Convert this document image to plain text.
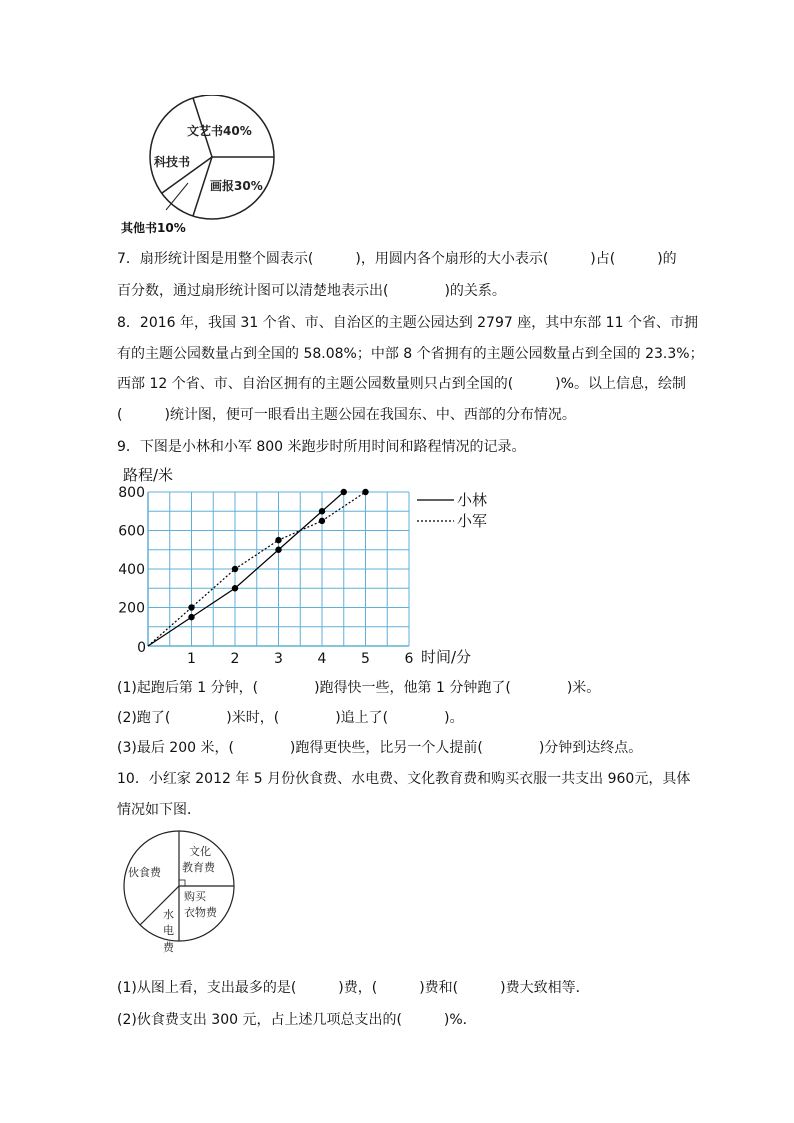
文艺书40%
科技书
画报30%
其他书10%
7．扇形统计图是用整个圆表示(　　　)，用圆内各个扇形的大小表示(　　　)占(　　　)的
百分数，通过扇形统计图可以清楚地表示出(　　　　)的关系。
8．2016 年，我国 31 个省、市、自治区的主题公园达到 2797 座，其中东部 11 个省、市拥
有的主题公园数量占到全国的 58.08%；中部 8 个省拥有的主题公园数量占到全国的 23.3%；
西部 12 个省、市、自治区拥有的主题公园数量则只占到全国的(　　　)%。以上信息，绘制
(　　　)统计图，便可一眼看出主题公园在我国东、中、西部的分布情况。
9．下图是小林和小军 800 米跑步时所用时间和路程情况的记录。
路程/米
时间/分
0
1 2 3 4 5 6
200
400
600
800	小林
小军
(1)起跑后第 1 分钟，(　　　　)跑得快一些，他第 1 分钟跑了(　　　　)米。
(2)跑了(　　　　)米时，(　　　　)追上了(　　　　)。
(3)最后 200 米，(　　　　)跑得更快些，比另一个人提前(　　　　)分钟到达终点。
10．小红家 2012 年 5 月份伙食费、水电费、文化教育费和购买衣服一共支出 960元，具体
情况如下图．
伙食费
文化
教育费
购买
衣物费
水
电
费
(1)从图上看，支出最多的是(　　　)费，(　　　)费和(　　　)费大致相等．
(2)伙食费支出 300 元，占上述几项总支出的(　　　)%．
